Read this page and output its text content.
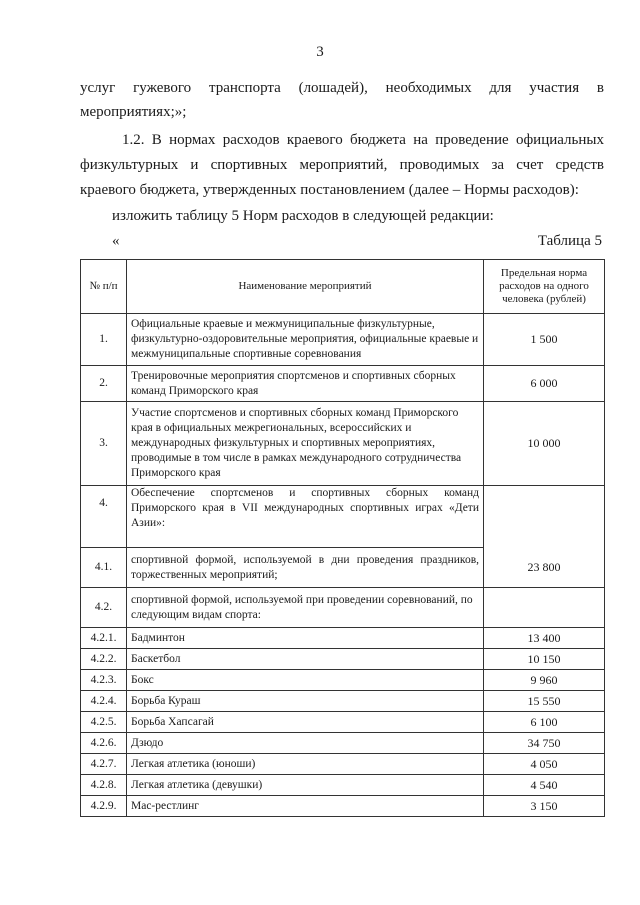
3

услуг гужевого транспорта (лошадей), необходимых для участия в

мероприятиях;»;

1.2. В нормах расходов краевого бюджета на проведение официальных

физкультурных и спортивных мероприятий, проводимых за счет средств

краевого бюджета, утвержденных постановлением (далее – Нормы расходов):

изложить таблицу 5 Норм расходов в следующей редакции:

«	Таблица 5
№ п/п	Наименование мероприятий	Предельная норма расходов на одного человека (рублей)
1.	Официальные краевые и межмуниципальные физкультурные, физкультурно-оздоровительные мероприятия, официальные краевые и межмуниципальные спортивные соревнования	1 500
2.	Тренировочные мероприятия спортсменов и спортивных сборных команд Приморского края	6 000
3.	Участие спортсменов и спортивных сборных команд Приморского края в официальных межрегиональных, всероссийских и международных физкультурных и спортивных мероприятиях, проводимые в том числе в рамках международного сотрудничества Приморского края	10 000
4.	Обеспечение спортсменов и спортивных сборных команд Приморского края в VII международных спортивных играх «Дети Азии»:	
4.1.	спортивной формой, используемой в дни проведения праздников, торжественных мероприятий;	23 800
4.2.	спортивной формой, используемой при проведении соревнований, по следующим видам спорта:	
4.2.1.	Бадминтон	13 400
4.2.2.	Баскетбол	10 150
4.2.3.	Бокс	9 960
4.2.4.	Борьба Кураш	15 550
4.2.5.	Борьба Хапсагай	6 100
4.2.6.	Дзюдо	34 750
4.2.7.	Легкая атлетика (юноши)	4 050
4.2.8.	Легкая атлетика (девушки)	4 540
4.2.9.	Мас-рестлинг	3 150
